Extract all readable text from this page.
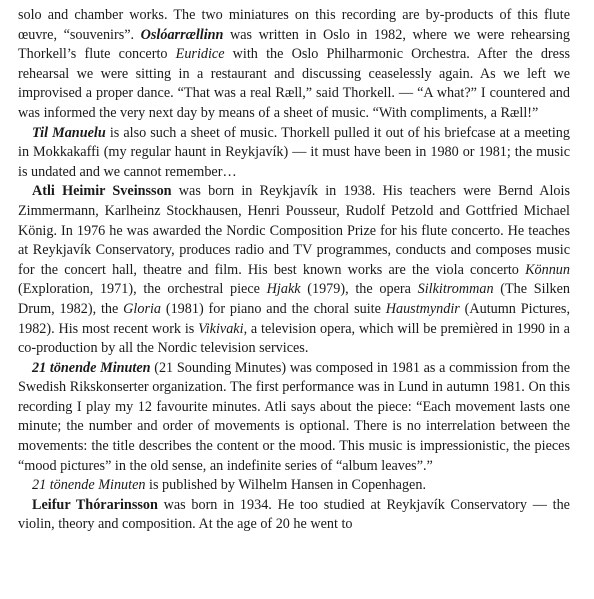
solo and chamber works. The two miniatures on this recording are by-products of this flute œuvre, “souvenirs”. Oslóarrællinn was written in Oslo in 1982, where we were rehearsing Thorkell’s flute concerto Euridice with the Oslo Philharmonic Orchestra. After the dress rehearsal we were sitting in a restaurant and discussing ceaselessly again. As we left we improvised a proper dance. “That was a real Ræll,” said Thorkell. — “A what?” I countered and was informed the very next day by means of a sheet of music. “With compliments, a Ræll!”

Til Manuelu is also such a sheet of music. Thorkell pulled it out of his briefcase at a meeting in Mokkakaffi (my regular haunt in Reykjavík) — it must have been in 1980 or 1981; the music is undated and we cannot remember…

Atli Heimir Sveinsson was born in Reykjavík in 1938. His teachers were Bernd Alois Zimmermann, Karlheinz Stockhausen, Henri Pousseur, Rudolf Petzold and Gottfried Michael König. In 1976 he was awarded the Nordic Composition Prize for his flute concerto. He teaches at Reykjavík Conservatory, produces radio and TV programmes, conducts and composes music for the concert hall, theatre and film. His best known works are the viola concerto Könnun (Exploration, 1971), the orchestral piece Hjakk (1979), the opera Silkitromman (The Silken Drum, 1982), the Gloria (1981) for piano and the choral suite Haustmyndir (Autumn Pictures, 1982). His most recent work is Vikivaki, a television opera, which will be premièred in 1990 in a co-production by all the Nordic television services.

21 tönende Minuten (21 Sounding Minutes) was composed in 1981 as a commission from the Swedish Rikskonserter organization. The first performance was in Lund in autumn 1981. On this recording I play my 12 favourite minutes. Atli says about the piece: “Each movement lasts one minute; the number and order of movements is optional. There is no interrelation between the movements: the title describes the content or the mood. This music is impressionistic, the pieces “mood pictures” in the old sense, an indefinite series of “album leaves”.”

21 tönende Minuten is published by Wilhelm Hansen in Copenhagen.

Leifur Thórarinsson was born in 1934. He too studied at Reykjavík Conservatory — the violin, theory and composition. At the age of 20 he went to
